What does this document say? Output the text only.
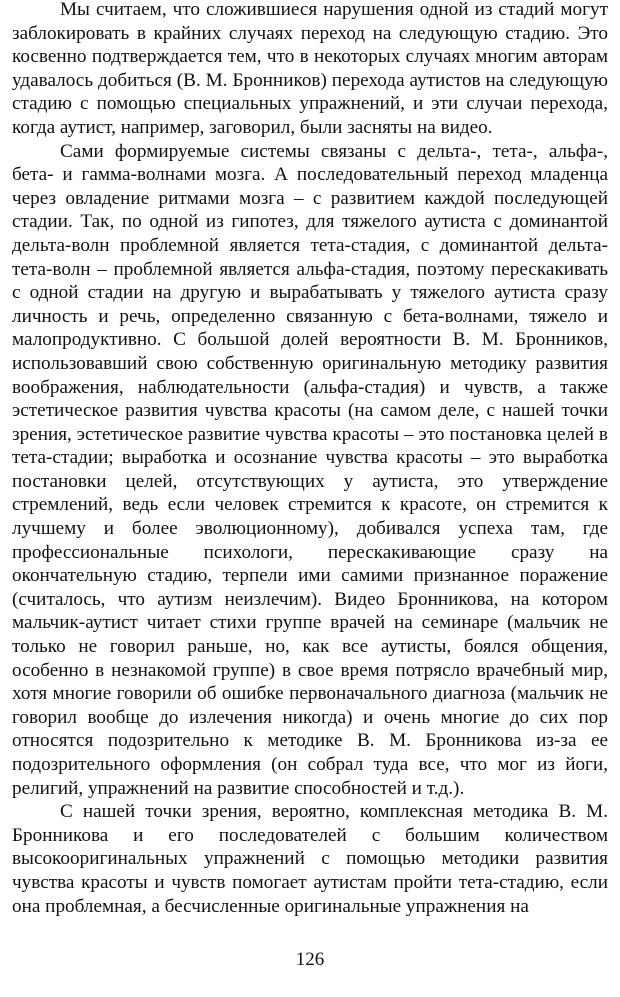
Мы считаем, что сложившиеся нарушения одной из стадий могут заблокировать в крайних случаях переход на следующую стадию. Это косвенно подтверждается тем, что в некоторых случаях многим авторам удавалось добиться (В. М. Бронников) перехода аутистов на следующую стадию с помощью специальных упражнений, и эти случаи перехода, когда аутист, например, заговорил, были засняты на видео.

Сами формируемые системы связаны с дельта-, тета-, альфа-, бета- и гамма-волнами мозга. А последовательный переход младенца через овладение ритмами мозга – с развитием каждой последующей стадии. Так, по одной из гипотез, для тяжелого аутиста с доминантой дельта-волн проблемной является тета-стадия, с доминантой дельта-тета-волн – проблемной является альфа-стадия, поэтому перескакивать с одной стадии на другую и вырабатывать у тяжелого аутиста сразу личность и речь, определенно связанную с бета-волнами, тяжело и малопродуктивно. С большой долей вероятности В. М. Бронников, использовавший свою собственную оригинальную методику развития воображения, наблюдательности (альфа-стадия) и чувств, а также эстетическое развития чувства красоты (на самом деле, с нашей точки зрения, эстетическое развитие чувства красоты – это постановка целей в тета-стадии; выработка и осознание чувства красоты – это выработка постановки целей, отсутствующих у аутиста, это утверждение стремлений, ведь если человек стремится к красоте, он стремится к лучшему и более эволюционному), добивался успеха там, где профессиональные психологи, перескакивающие сразу на окончательную стадию, терпели ими самими признанное поражение (считалось, что аутизм неизлечим). Видео Бронникова, на котором мальчик-аутист читает стихи группе врачей на семинаре (мальчик не только не говорил раньше, но, как все аутисты, боялся общения, особенно в незнакомой группе) в свое время потрясло врачебный мир, хотя многие говорили об ошибке первоначального диагноза (мальчик не говорил вообще до излечения никогда) и очень многие до сих пор относятся подозрительно к методике В. М. Бронникова из-за ее подозрительного оформления (он собрал туда все, что мог из йоги, религий, упражнений на развитие способностей и т.д.).

С нашей точки зрения, вероятно, комплексная методика В. М. Бронникова и его последователей с большим количеством высокооригинальных упражнений с помощью методики развития чувства красоты и чувств помогает аутистам пройти тета-стадию, если она проблемная, а бесчисленные оригинальные упражнения на

126
